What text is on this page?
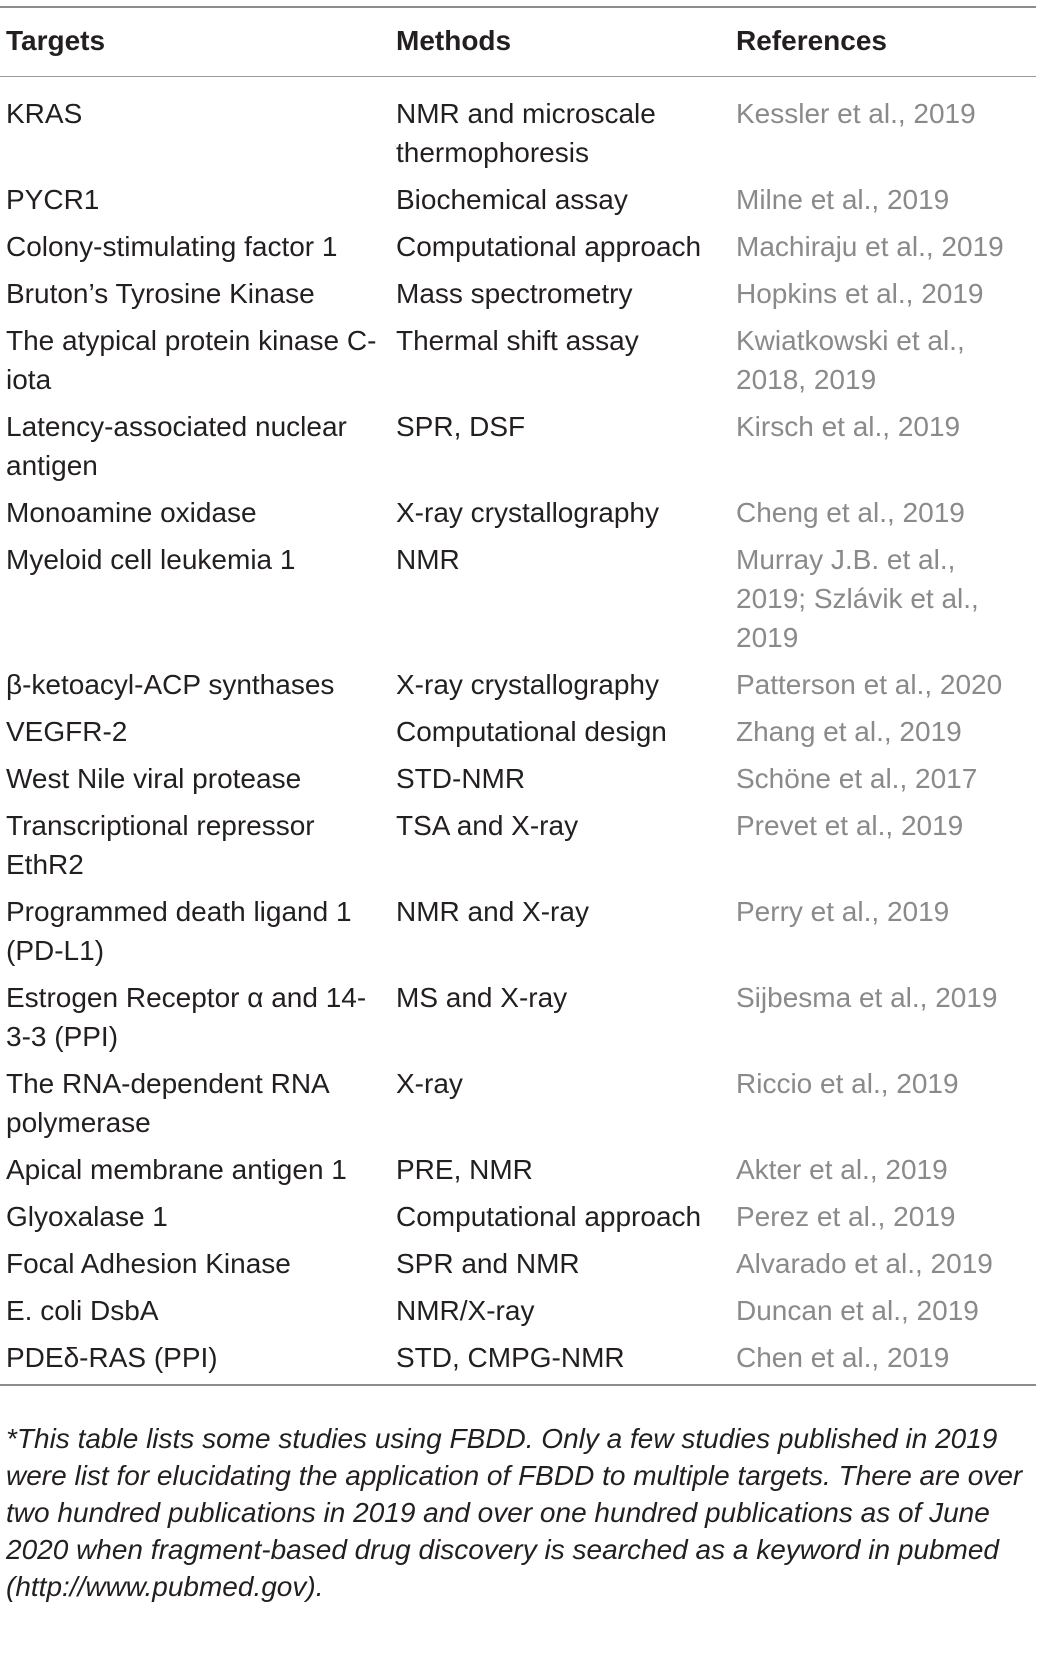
Targets	Methods	References
KRAS	NMR and microscale thermophoresis	Kessler et al., 2019
PYCR1	Biochemical assay	Milne et al., 2019
Colony-stimulating factor 1	Computational approach	Machiraju et al., 2019
Bruton’s Tyrosine Kinase	Mass spectrometry	Hopkins et al., 2019
The atypical protein kinase C-iota	Thermal shift assay	Kwiatkowski et al., 2018, 2019
Latency-associated nuclear antigen	SPR, DSF	Kirsch et al., 2019
Monoamine oxidase	X-ray crystallography	Cheng et al., 2019
Myeloid cell leukemia 1	NMR	Murray J.B. et al., 2019; Szlávik et al., 2019
β-ketoacyl-ACP synthases	X-ray crystallography	Patterson et al., 2020
VEGFR-2	Computational design	Zhang et al., 2019
West Nile viral protease	STD-NMR	Schöne et al., 2017
Transcriptional repressor EthR2	TSA and X-ray	Prevet et al., 2019
Programmed death ligand 1 (PD-L1)	NMR and X-ray	Perry et al., 2019
Estrogen Receptor α and 14-3-3 (PPI)	MS and X-ray	Sijbesma et al., 2019
The RNA-dependent RNA polymerase	X-ray	Riccio et al., 2019
Apical membrane antigen 1	PRE, NMR	Akter et al., 2019
Glyoxalase 1	Computational approach	Perez et al., 2019
Focal Adhesion Kinase	SPR and NMR	Alvarado et al., 2019
E. coli DsbA	NMR/X-ray	Duncan et al., 2019
PDEδ-RAS (PPI)	STD, CMPG-NMR	Chen et al., 2019

*This table lists some studies using FBDD. Only a few studies published in 2019 were list for elucidating the application of FBDD to multiple targets. There are over two hundred publications in 2019 and over one hundred publications as of June 2020 when fragment-based drug discovery is searched as a keyword in pubmed (http://www.pubmed.gov).
